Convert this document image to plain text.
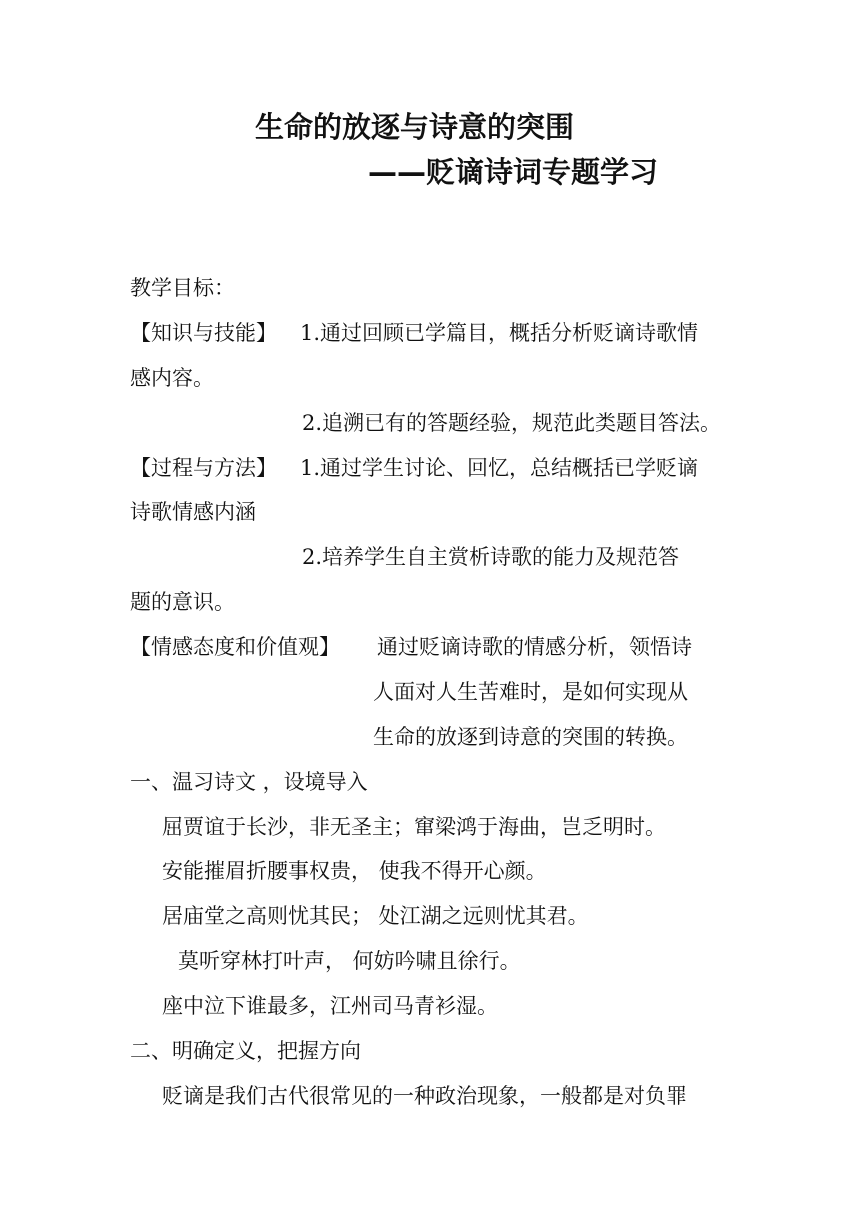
生命的放逐与诗意的突围
——贬谪诗词专题学习
教学目标：
【知识与技能】 1.通过回顾已学篇目，概括分析贬谪诗歌情
感内容。
2.追溯已有的答题经验，规范此类题目答法。
【过程与方法】 1.通过学生讨论、回忆，总结概括已学贬谪
诗歌情感内涵
2.培养学生自主赏析诗歌的能力及规范答
题的意识。
【情感态度和价值观】 通过贬谪诗歌的情感分析，领悟诗
人面对人生苦难时，是如何实现从
生命的放逐到诗意的突围的转换。
一、温习诗文 ，设境导入
屈贾谊于长沙，非无圣主；窜梁鸿于海曲，岂乏明时。
安能摧眉折腰事权贵， 使我不得开心颜。
居庙堂之高则忧其民； 处江湖之远则忧其君。
莫听穿林打叶声， 何妨吟啸且徐行。
座中泣下谁最多，江州司马青衫湿。
二、明确定义，把握方向
贬谪是我们古代很常见的一种政治现象，一般都是对负罪
